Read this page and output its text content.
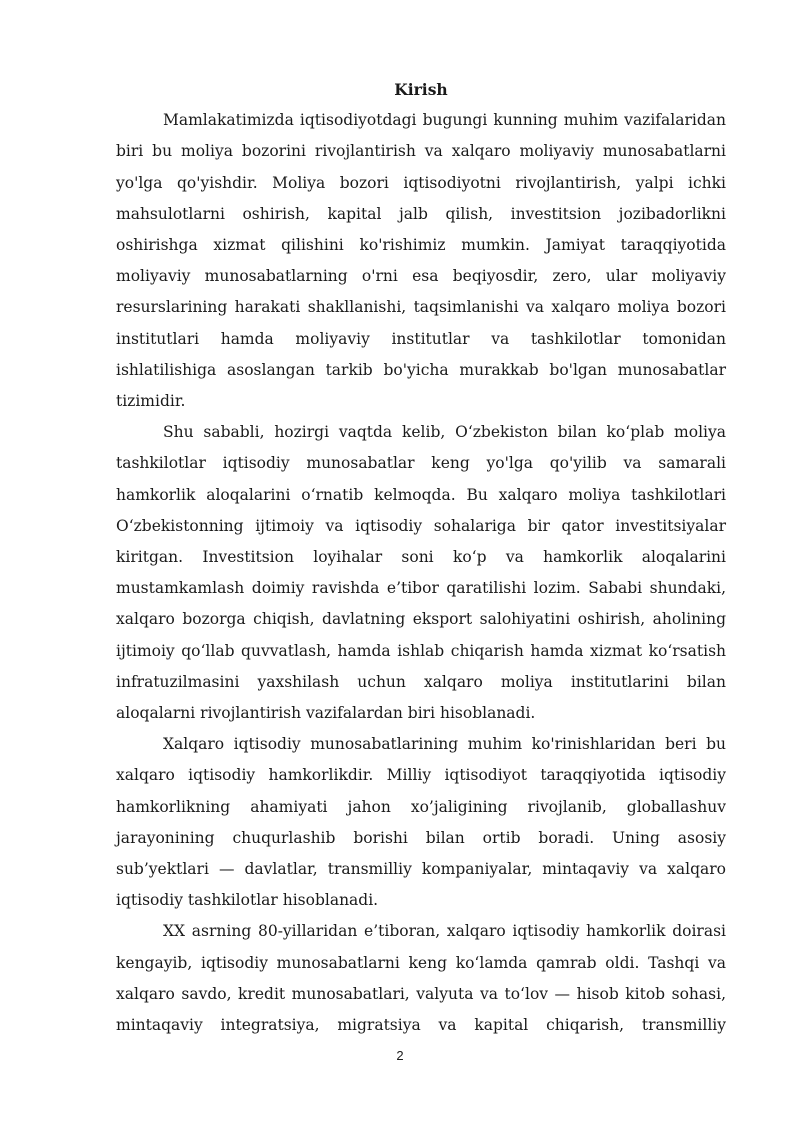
Kirish

Mamlakatimizda iqtisodiyotdagi bugungi kunning muhim vazifalaridan biri bu moliya bozorini rivojlantirish va xalqaro moliyaviy munosabatlarni yo'lga qo'yishdir. Moliya bozori iqtisodiyotni rivojlantirish, yalpi ichki mahsulotlarni oshirish, kapital jalb qilish, investitsion jozibadorlikni oshirishga xizmat qilishini ko'rishimiz mumkin. Jamiyat taraqqiyotida moliyaviy munosabatlarning o'rni esa beqiyosdir, zero, ular moliyaviy resurslarining harakati shakllanishi, taqsimlanishi va xalqaro moliya bozori institutlari hamda moliyaviy institutlar va tashkilotlar tomonidan ishlatilishiga asoslangan tarkib bo'yicha murakkab bo'lgan munosabatlar tizimidir.

Shu sababli, hozirgi vaqtda kelib, O‘zbekiston bilan ko‘plab moliya tashkilotlar iqtisodiy munosabatlar keng yo'lga qo'yilib va samarali hamkorlik aloqalarini o‘rnatib kelmoqda. Bu xalqaro moliya tashkilotlari O‘zbekistonning ijtimoiy va iqtisodiy sohalariga bir qator investitsiyalar kiritgan. Investitsion loyihalar soni ko‘p va hamkorlik aloqalarini mustamkamlash doimiy ravishda e’tibor qaratilishi lozim. Sababi shundaki, xalqaro bozorga chiqish, davlatning eksport salohiyatini oshirish, aholining ijtimoiy qo‘llab quvvatlash, hamda ishlab chiqarish hamda xizmat ko‘rsatish infratuzilmasini yaxshilash uchun xalqaro moliya institutlarini bilan aloqalarni rivojlantirish vazifalardan biri hisoblanadi.

Xalqaro iqtisodiy munosabatlarining muhim ko'rinishlaridan beri bu xalqaro iqtisodiy hamkorlikdir. Milliy iqtisodiyot taraqqiyotida iqtisodiy hamkorlikning ahamiyati jahon xo’jaligining rivojlanib, globallashuv jarayonining chuqurlashib borishi bilan ortib boradi. Uning asosiy sub’yektlari — davlatlar, transmilliy kompaniyalar, mintaqaviy va xalqaro iqtisodiy tashkilotlar hisoblanadi.

XX asrning 80-yillaridan e’tiboran, xalqaro iqtisodiy hamkorlik doirasi kengayib, iqtisodiy munosabatlarni keng ko‘lamda qamrab oldi. Tashqi va xalqaro savdo, kredit munosabatlari, valyuta va to‘lov — hisob kitob sohasi, mintaqaviy integratsiya, migratsiya va kapital chiqarish, transmilliy

2
